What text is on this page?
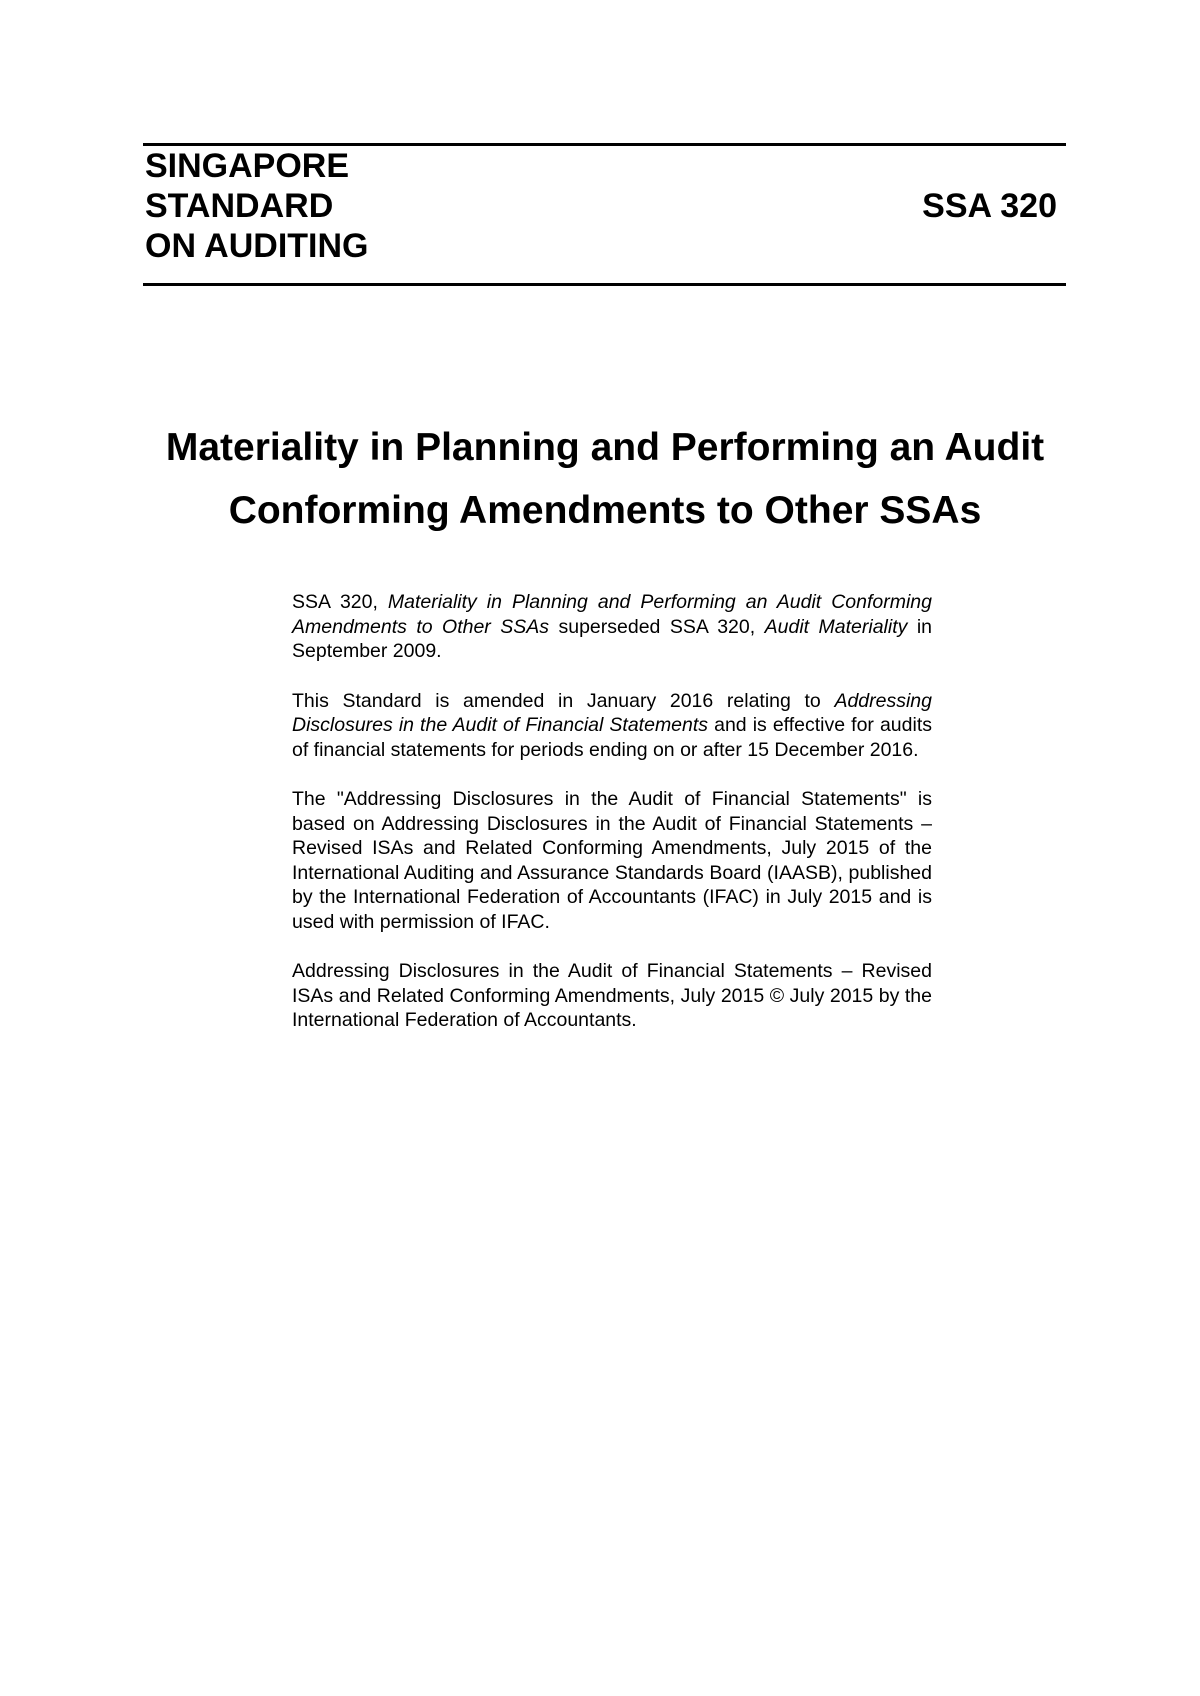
SINGAPORE
STANDARD
ON AUDITING
SSA 320
Materiality in Planning and Performing an Audit
Conforming Amendments to Other SSAs

SSA 320, Materiality in Planning and Performing an Audit Conforming Amendments to Other SSAs superseded SSA 320, Audit Materiality in September 2009.

This Standard is amended in January 2016 relating to Addressing Disclosures in the Audit of Financial Statements and is effective for audits of financial statements for periods ending on or after 15 December 2016.

The "Addressing Disclosures in the Audit of Financial Statements" is based on Addressing Disclosures in the Audit of Financial Statements – Revised ISAs and Related Conforming Amendments, July 2015 of the International Auditing and Assurance Standards Board (IAASB), published by the International Federation of Accountants (IFAC) in July 2015 and is used with permission of IFAC.

Addressing Disclosures in the Audit of Financial Statements – Revised ISAs and Related Conforming Amendments, July 2015 © July 2015 by the International Federation of Accountants.
